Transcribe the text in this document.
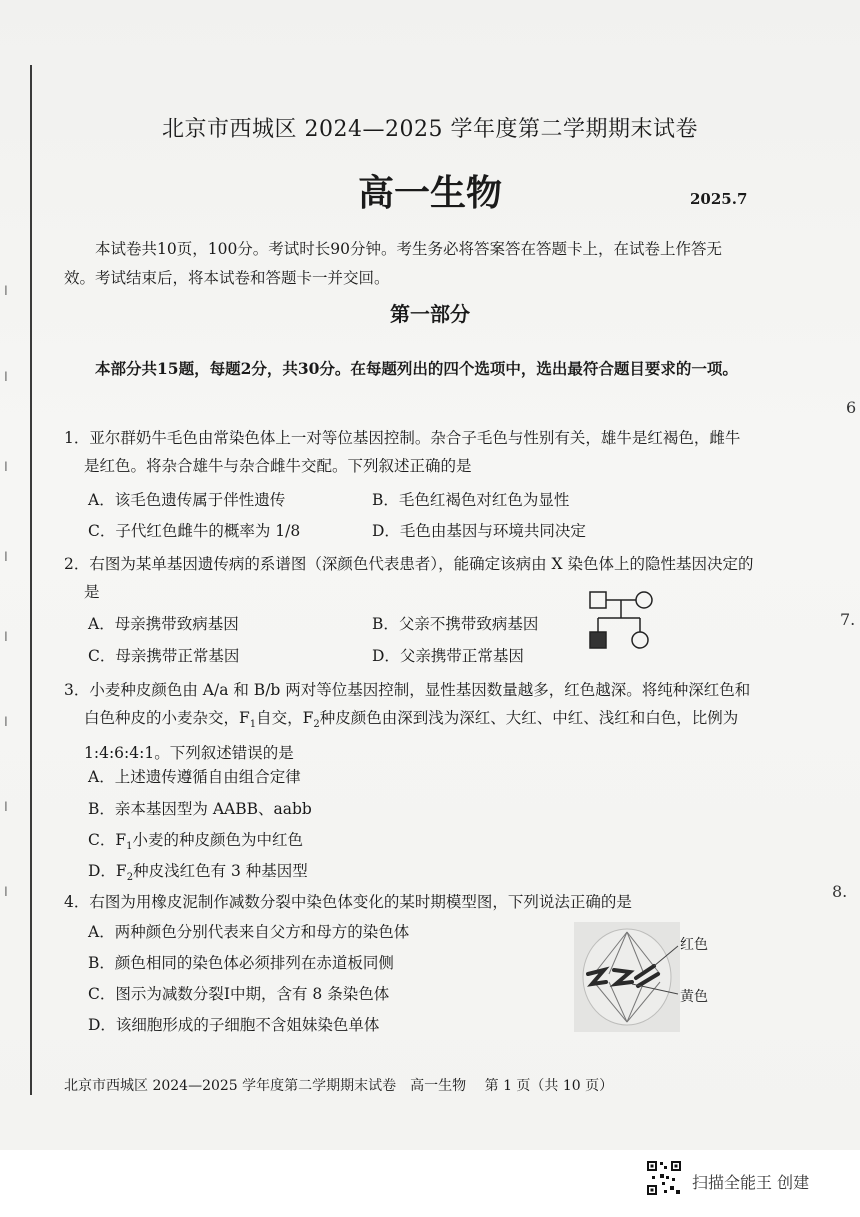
ǀ
ǀ
ǀ
ǀ
ǀ
ǀ
ǀ
ǀ
6
7.
8.
北京市西城区 2024—2025 学年度第二学期期末试卷
高一生物	2025.7
本试卷共10页，100分。考试时长90分钟。考生务必将答案答在答题卡上，在试卷上作答无效。考试结束后，将本试卷和答题卡一并交回。
第一部分
本部分共15题，每题2分，共30分。在每题列出的四个选项中，选出最符合题目要求的一项。
1．亚尔群奶牛毛色由常染色体上一对等位基因控制。杂合子毛色与性别有关，雄牛是红褐色，雌牛是红色。将杂合雄牛与杂合雌牛交配。下列叙述正确的是
A．该毛色遗传属于伴性遗传	B．毛色红褐色对红色为显性
C．子代红色雌牛的概率为 1/8	D．毛色由基因与环境共同决定
2．右图为某单基因遗传病的系谱图（深颜色代表患者），能确定该病由 X 染色体上的隐性基因决定的是
A．母亲携带致病基因	B．父亲不携带致病基因
C．母亲携带正常基因	D．父亲携带正常基因
3．小麦种皮颜色由 A/a 和 B/b 两对等位基因控制，显性基因数量越多，红色越深。将纯种深红色和白色种皮的小麦杂交，$F_1$自交，$F_2$种皮颜色由深到浅为深红、大红、中红、浅红和白色，比例为 1:4:6:4:1。下列叙述错误的是
A．上述遗传遵循自由组合定律
B．亲本基因型为 AABB、aabb
C．$F_1$小麦的种皮颜色为中红色
D．$F_2$种皮浅红色有 3 种基因型
4．右图为用橡皮泥制作减数分裂中染色体变化的某时期模型图，下列说法正确的是
A．两种颜色分别代表来自父方和母方的染色体
B．颜色相同的染色体必须排列在赤道板同侧
C．图示为减数分裂Ⅰ中期，含有 8 条染色体
D．该细胞形成的子细胞不含姐妹染色单体
红色
黄色
北京市西城区 2024—2025 学年度第二学期期末试卷　高一生物 第 1 页（共 10 页）
扫描全能王 创建
